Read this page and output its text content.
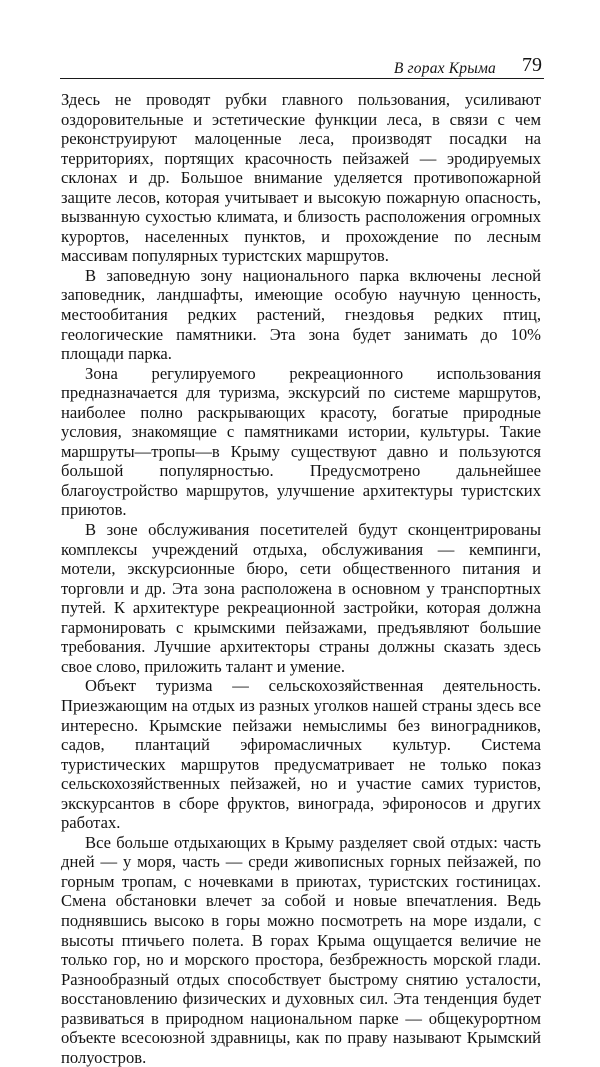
В горах Крыма 79

Здесь не проводят рубки главного пользования, усиливают оздоровительные и эстетические функции леса, в связи с чем реконструируют малоценные леса, производят посадки на территориях, портящих красочность пейзажей — эродируемых склонах и др. Большое внимание уделяется противопожарной защите лесов, которая учитывает и высокую пожарную опасность, вызванную сухостью климата, и близость расположения огромных курортов, населенных пунктов, и прохождение по лесным массивам популярных туристских маршрутов.

В заповедную зону национального парка включены лесной заповедник, ландшафты, имеющие особую научную ценность, местообитания редких растений, гнездовья редких птиц, геологические памятники. Эта зона будет занимать до 10% площади парка.

Зона регулируемого рекреационного использования предназначается для туризма, экскурсий по системе маршрутов, наиболее полно раскрывающих красоту, богатые природные условия, знакомящие с памятниками истории, культуры. Такие маршруты—тропы—в Крыму существуют давно и пользуются большой популярностью. Предусмотрено дальнейшее благоустройство маршрутов, улучшение архитектуры туристских приютов.

В зоне обслуживания посетителей будут сконцентрированы комплексы учреждений отдыха, обслуживания — кемпинги, мотели, экскурсионные бюро, сети общественного питания и торговли и др. Эта зона расположена в основном у транспортных путей. К архитектуре рекреационной застройки, которая должна гармонировать с крымскими пейзажами, предъявляют большие требования. Лучшие архитекторы страны должны сказать здесь свое слово, приложить талант и умение.

Объект туризма — сельскохозяйственная деятельность. Приезжающим на отдых из разных уголков нашей страны здесь все интересно. Крымские пейзажи немыслимы без виноградников, садов, плантаций эфиромасличных культур. Система туристических маршрутов предусматривает не только показ сельскохозяйственных пейзажей, но и участие самих туристов, экскурсантов в сборе фруктов, винограда, эфироносов и других работах.

Все больше отдыхающих в Крыму разделяет свой отдых: часть дней — у моря, часть — среди живописных горных пейзажей, по горным тропам, с ночевками в приютах, туристских гостиницах. Смена обстановки влечет за собой и новые впечатления. Ведь поднявшись высоко в горы можно посмотреть на море издали, с высоты птичьего полета. В горах Крыма ощущается величие не только гор, но и морского простора, безбрежность морской глади. Разнообразный отдых способствует быстрому снятию усталости, восстановлению физических и духовных сил. Эта тенденция будет развиваться в природном национальном парке — общекурортном объекте всесоюзной здравницы, как по праву называют Крымский полуостров.
